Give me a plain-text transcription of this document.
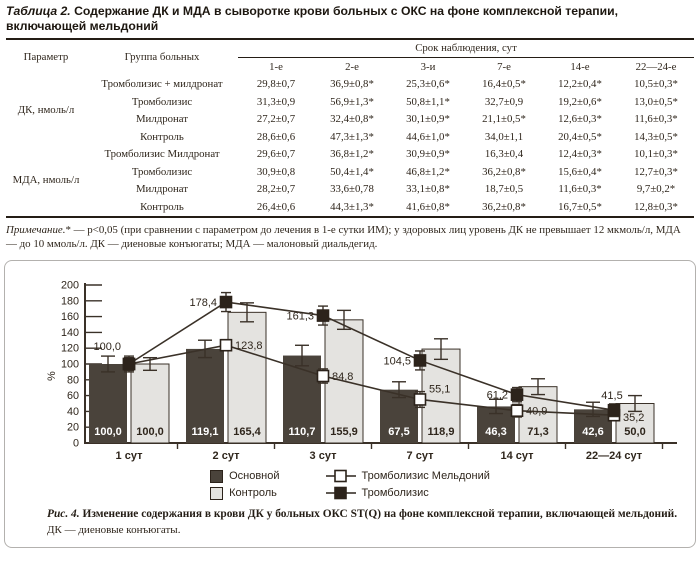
Таблица 2. Содержание ДК и МДА в сыворотке крови больных с ОКС на фоне комплексной терапии, включающей мельдоний
Параметр	Группа больных	Срок наблюдения, сут					
		1-е	2-е	3-и	7-е	14-е	22—24-е
ДК, нмоль/л	Тромболизис + милдронат	29,8±0,7	36,9±0,8*	25,3±0,6*	16,4±0,5*	12,2±0,4*	10,5±0,3*
	Тромболизис	31,3±0,9	56,9±1,3*	50,8±1,1*	32,7±0,9	19,2±0,6*	13,0±0,5*
	Милдронат	27,2±0,7	32,4±0,8*	30,1±0,9*	21,1±0,5*	12,6±0,3*	11,6±0,3*
	Контроль	28,6±0,6	47,3±1,3*	44,6±1,0*	34,0±1,1	20,4±0,5*	14,3±0,5*
МДА, нмоль/л	Тромболизис Милдронат	29,6±0,7	36,8±1,2*	30,9±0,9*	16,3±0,4	12,4±0,3*	10,1±0,3*
	Тромболизис	30,9±0,8	50,4±1,4*	46,8±1,2*	36,2±0,8*	15,6±0,4*	12,7±0,3*
	Милдронат	28,2±0,7	33,6±0,78	33,1±0,8*	18,7±0,5	11,6±0,3*	9,7±0,2*
	Контроль	26,4±0,6	44,3±1,3*	41,6±0,8*	36,2±0,8*	16,7±0,5*	12,8±0,3*
Примечание.* — р<0,05 (при сравнении с параметром до лечения в 1-е сутки ИМ); у здоровых лиц уровень ДК не превышает 12 мкмоль/л, МДА — до 10 ммоль/л. ДК — диеновые конъюгаты; МДА — малоновый диальдегид.
0
20
40
60
80
100
120
140
160
180
200
%
100,0	119,1	110,7	67,5	46,3	42,6
100,0	165,4	155,9	118,9	71,3	50,0
1 сут	2 сут	3 сут	7 сут	14 сут	22—24 сут
123,8
84,8
55,1
40,9
35,2
100,0
178,4
161,3
104,5
61,2	41,5
Основной	Тромболизис Мельдоний
Контроль	Тромболизис
Рис. 4. Изменение содержания в крови ДК у больных ОКС ST(Q) на фоне комплексной терапии, включающей мельдоний.
ДК — диеновые конъюгаты.
